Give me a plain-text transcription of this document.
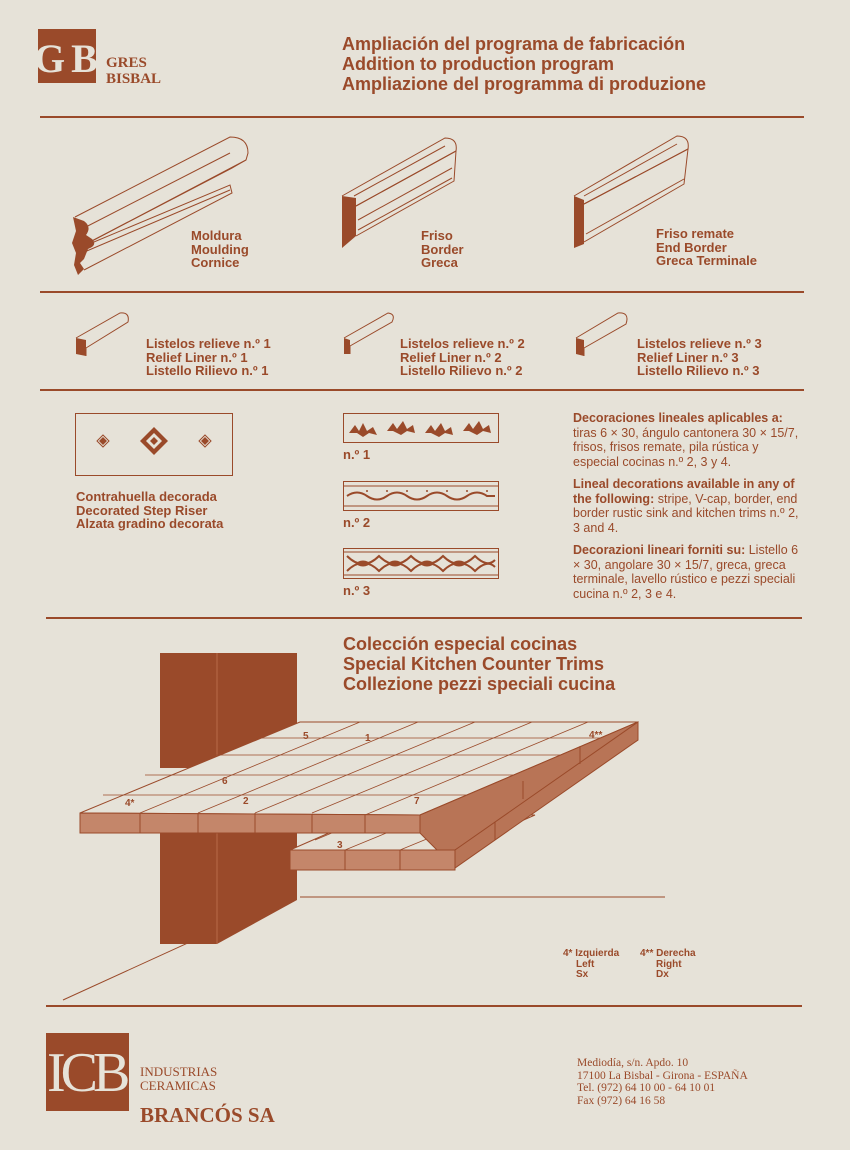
G B GRES
BISBAL
Ampliación del programa de fabricación
Addition to production program
Ampliazione del programma di produzione
Moldura
Moulding
Cornice
Friso
Border
Greca
Friso remate
End Border
Greca Terminale
Listelos relieve n.º 1
Relief Liner n.º 1
Listello Rilievo n.º 1
Listelos relieve n.º 2
Relief Liner n.º 2
Listello Rilievo n.º 2
Listelos relieve n.º 3
Relief Liner n.º 3
Listello Rilievo n.º 3
Contrahuella decorada
Decorated Step Riser
Alzata gradino decorata
n.º 1
n.º 2
n.º 3
Decoraciones lineales aplicables a:
tiras 6 × 30, ángulo cantonera 30 × 15/7, frisos, frisos remate, pila rústica y especial cocinas n.º 2, 3 y 4.
Lineal decorations available in any of the following: stripe, V-cap, border, end border rustic sink and kitchen trims n.º 2, 3 and 4.
Decorazioni lineari forniti su: Listello 6 × 30, angolare 30 × 15/7, greca, greca terminale, lavello rústico e pezzi speciali cucina n.º 2, 3 e 4.
Colección especial cocinas
Special Kitchen Counter Trims
Collezione pezzi speciali cucina
5	1	4**
6
4*	2	7
3
4* Izquierda
Left
Sx
4** Derecha
Right
Dx
ICB INDUSTRIAS
CERAMICAS
BRANCÓS SA
Mediodía, s/n. Apdo. 10
17100 La Bisbal - Girona - ESPAÑA
Tel. (972) 64 10 00 - 64 10 01
Fax (972) 64 16 58
